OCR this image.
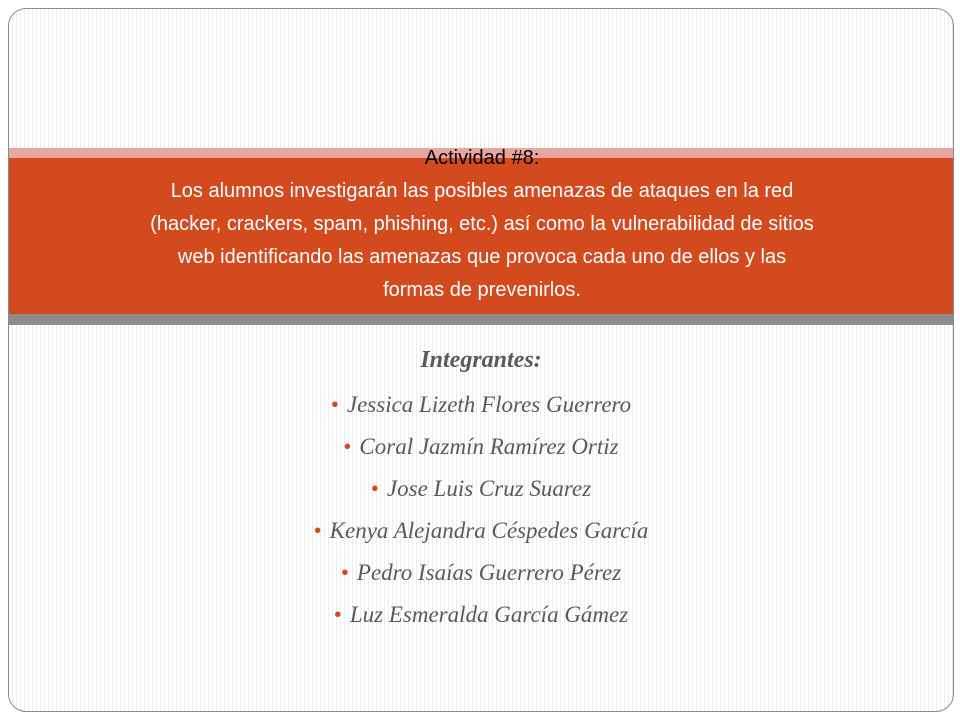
Actividad #8:
Los alumnos investigarán las posibles amenazas de ataques en la red
(hacker, crackers, spam, phishing, etc.) así como la vulnerabilidad de sitios
web identificando las amenazas que provoca cada uno de ellos y las
formas de prevenirlos.
Integrantes:
• Jessica Lizeth Flores Guerrero
• Coral Jazmín Ramírez Ortiz
• Jose Luis Cruz Suarez
• Kenya Alejandra Céspedes García
• Pedro Isaías Guerrero Pérez
• Luz Esmeralda García Gámez
